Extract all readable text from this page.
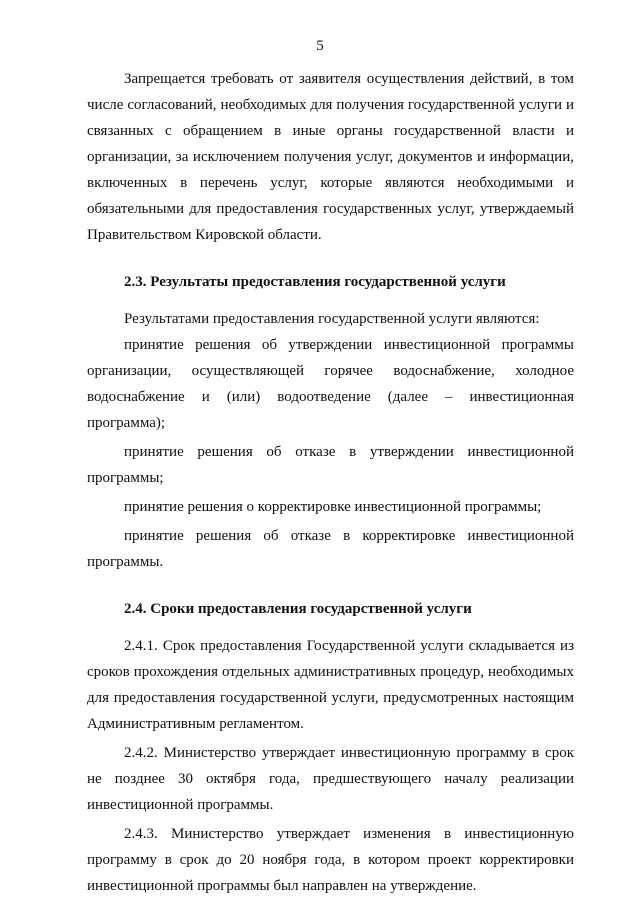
5

Запрещается требовать от заявителя осуществления действий, в том числе согласований, необходимых для получения государственной услуги и связанных с обращением в иные органы государственной власти и организации, за исключением получения услуг, документов и информации, включенных в перечень услуг, которые являются необходимыми и обязательными для предоставления государственных услуг, утверждаемый Правительством Кировской области.

2.3. Результаты предоставления государственной услуги

Результатами предоставления государственной услуги являются:

принятие решения об утверждении инвестиционной программы организации, осуществляющей горячее водоснабжение, холодное водоснабжение и (или) водоотведение (далее – инвестиционная программа);

принятие решения об отказе в утверждении инвестиционной программы;

принятие решения о корректировке инвестиционной программы;

принятие решения об отказе в корректировке инвестиционной программы.

2.4. Сроки предоставления государственной услуги

2.4.1. Срок предоставления Государственной услуги складывается из сроков прохождения отдельных административных процедур, необходимых для предоставления государственной услуги, предусмотренных настоящим Административным регламентом.

2.4.2. Министерство утверждает инвестиционную программу в срок не позднее 30 октября года, предшествующего началу реализации инвестиционной программы.

2.4.3. Министерство утверждает изменения в инвестиционную программу в срок до 20 ноября года, в котором проект корректировки инвестиционной программы был направлен на утверждение.
